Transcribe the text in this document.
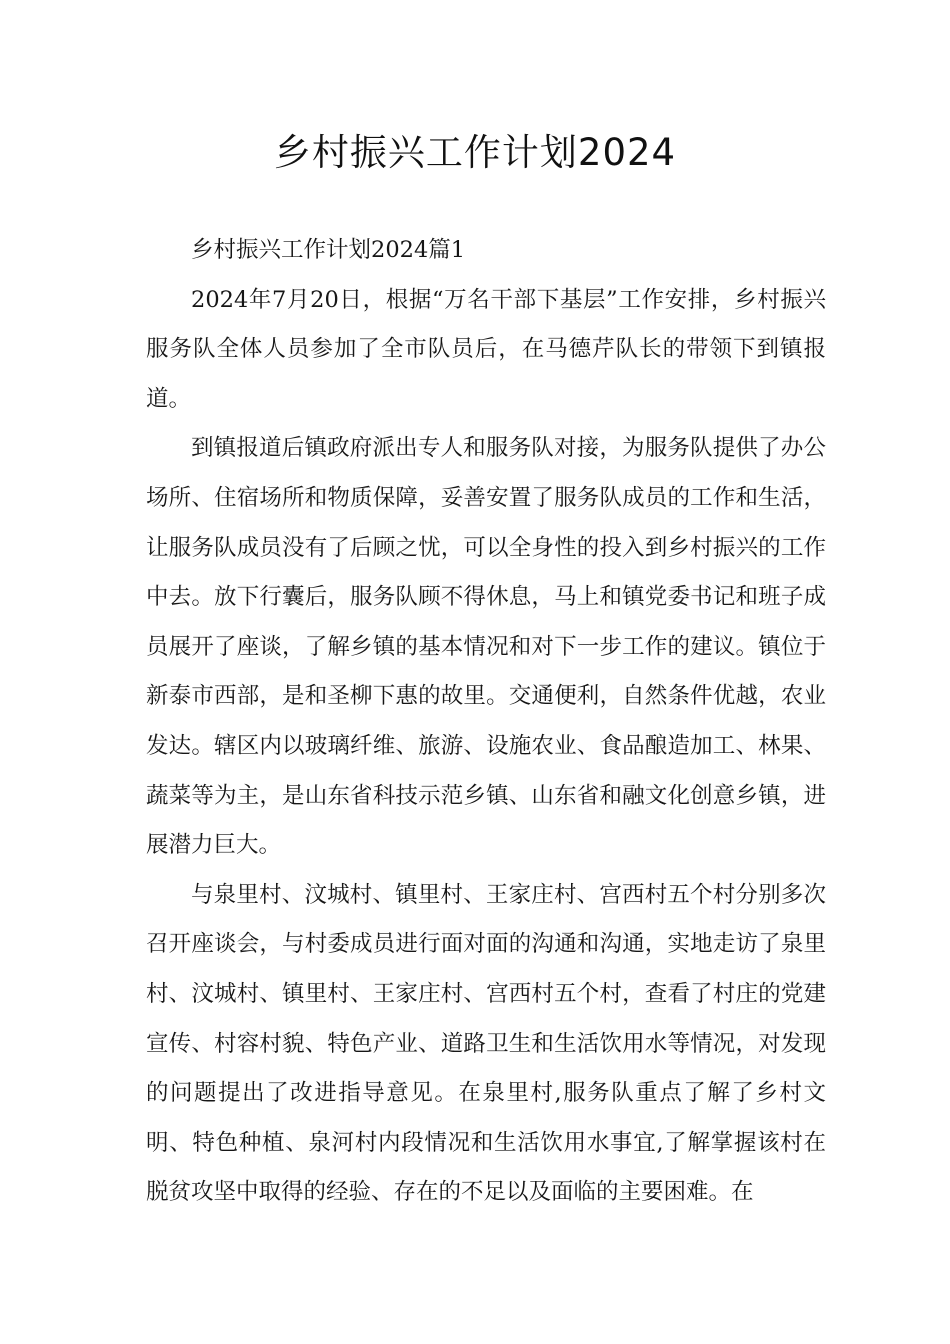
乡村振兴工作计划2024

乡村振兴工作计划2024篇1

2024年7月20日，根据“万名干部下基层”工作安排，乡村振兴服务队全体人员参加了全市队员后，在马德芹队长的带领下到镇报道。

到镇报道后镇政府派出专人和服务队对接，为服务队提供了办公场所、住宿场所和物质保障，妥善安置了服务队成员的工作和生活，让服务队成员没有了后顾之忧，可以全身性的投入到乡村振兴的工作中去。放下行囊后，服务队顾不得休息，马上和镇党委书记和班子成员展开了座谈，了解乡镇的基本情况和对下一步工作的建议。镇位于新泰市西部，是和圣柳下惠的故里。交通便利，自然条件优越，农业发达。辖区内以玻璃纤维、旅游、设施农业、食品酿造加工、林果、蔬菜等为主，是山东省科技示范乡镇、山东省和融文化创意乡镇，进展潜力巨大。

与泉里村、汶城村、镇里村、王家庄村、宫西村五个村分别多次召开座谈会，与村委成员进行面对面的沟通和沟通，实地走访了泉里村、汶城村、镇里村、王家庄村、宫西村五个村，查看了村庄的党建宣传、村容村貌、特色产业、道路卫生和生活饮用水等情况，对发现的问题提出了改进指导意见。在泉里村,服务队重点了解了乡村文明、特色种植、泉河村内段情况和生活饮用水事宜,了解掌握该村在脱贫攻坚中取得的经验、存在的不足以及面临的主要困难。在
